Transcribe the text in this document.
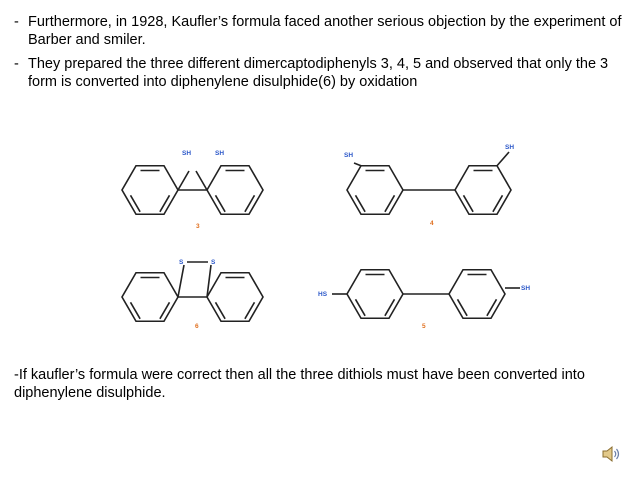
- Furthermore, in 1928, Kaufler’s formula faced another serious objection by the experiment of Barber and smiler.
- They prepared the three different dimercaptodiphenyls 3, 4, 5 and observed that only the 3 form is converted into diphenylene disulphide(6) by oxidation
SH	SH
3
SH
SH
4
S	S
6
HS
SH
5
-If kaufler’s formula were correct then all the three dithiols must have been converted into diphenylene disulphide.
